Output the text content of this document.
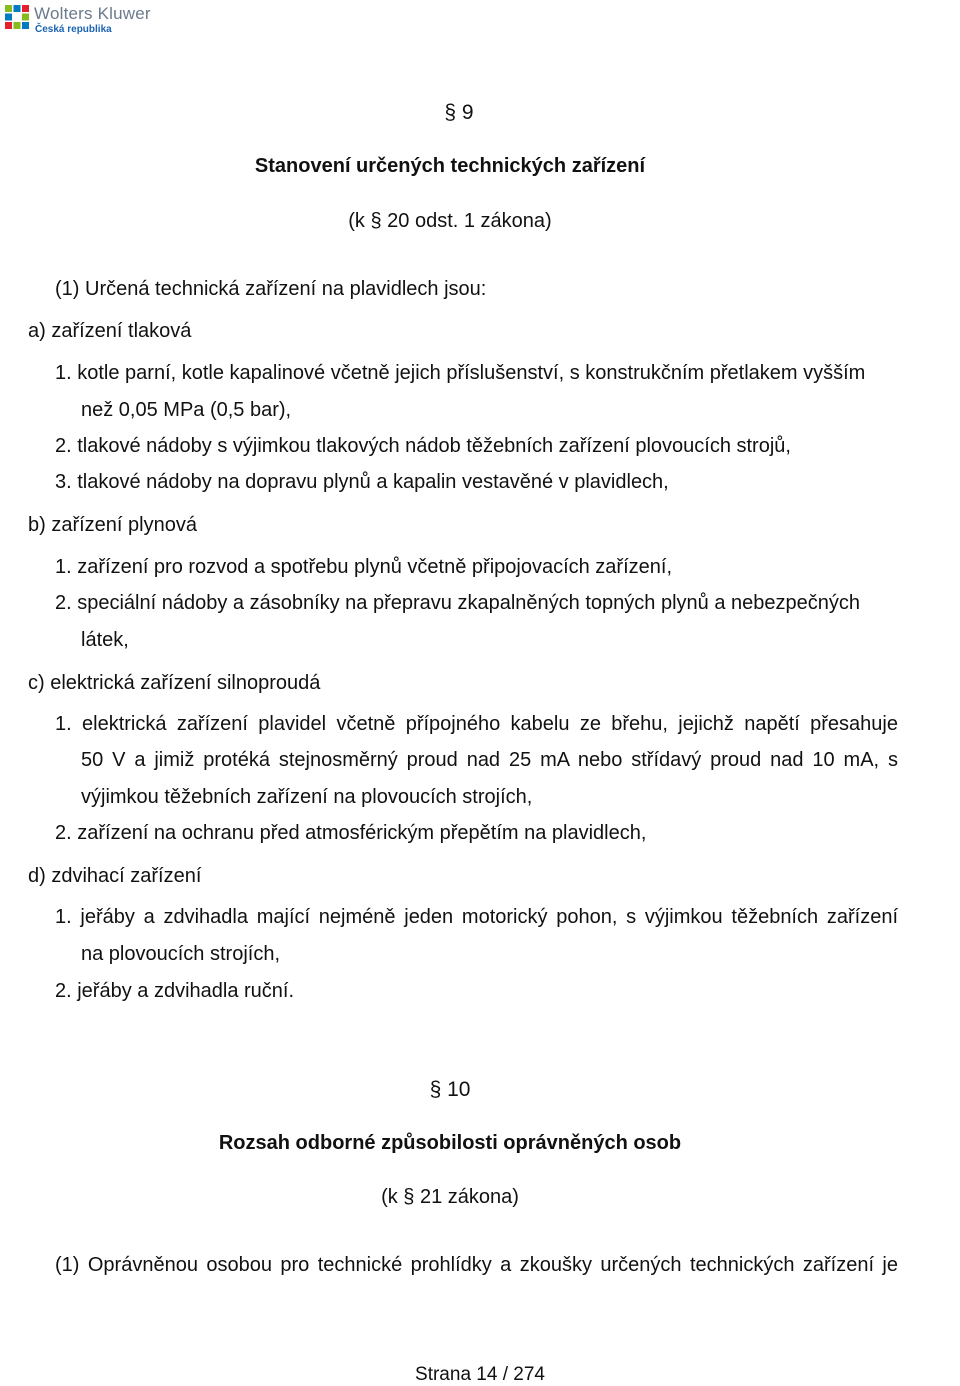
Wolters Kluwer
Česká republika
§ 9
Stanovení určených technických zařízení
(k § 20 odst. 1 zákona)
(1) Určená technická zařízení na plavidlech jsou:
a) zařízení tlaková
1. kotle parní, kotle kapalinové včetně jejich příslušenství, s konstrukčním přetlakem vyšším
než 0,05 MPa (0,5 bar),
2. tlakové nádoby s výjimkou tlakových nádob těžebních zařízení plovoucích strojů,
3. tlakové nádoby na dopravu plynů a kapalin vestavěné v plavidlech,
b) zařízení plynová
1. zařízení pro rozvod a spotřebu plynů včetně připojovacích zařízení,
2. speciální nádoby a zásobníky na přepravu zkapalněných topných plynů a nebezpečných
látek,
c) elektrická zařízení silnoproudá
1. elektrická zařízení plavidel včetně přípojného kabelu ze břehu, jejichž napětí přesahuje
50 V a jimiž protéká stejnosměrný proud nad 25 mA nebo střídavý proud nad 10 mA, s
výjimkou těžebních zařízení na plovoucích strojích,
2. zařízení na ochranu před atmosférickým přepětím na plavidlech,
d) zdvihací zařízení
1. jeřáby a zdvihadla mající nejméně jeden motorický pohon, s výjimkou těžebních zařízení
na plovoucích strojích,
2. jeřáby a zdvihadla ruční.
§ 10
Rozsah odborné způsobilosti oprávněných osob
(k § 21 zákona)
(1) Oprávněnou osobou pro technické prohlídky a zkoušky určených technických zařízení je
Strana 14 / 274
